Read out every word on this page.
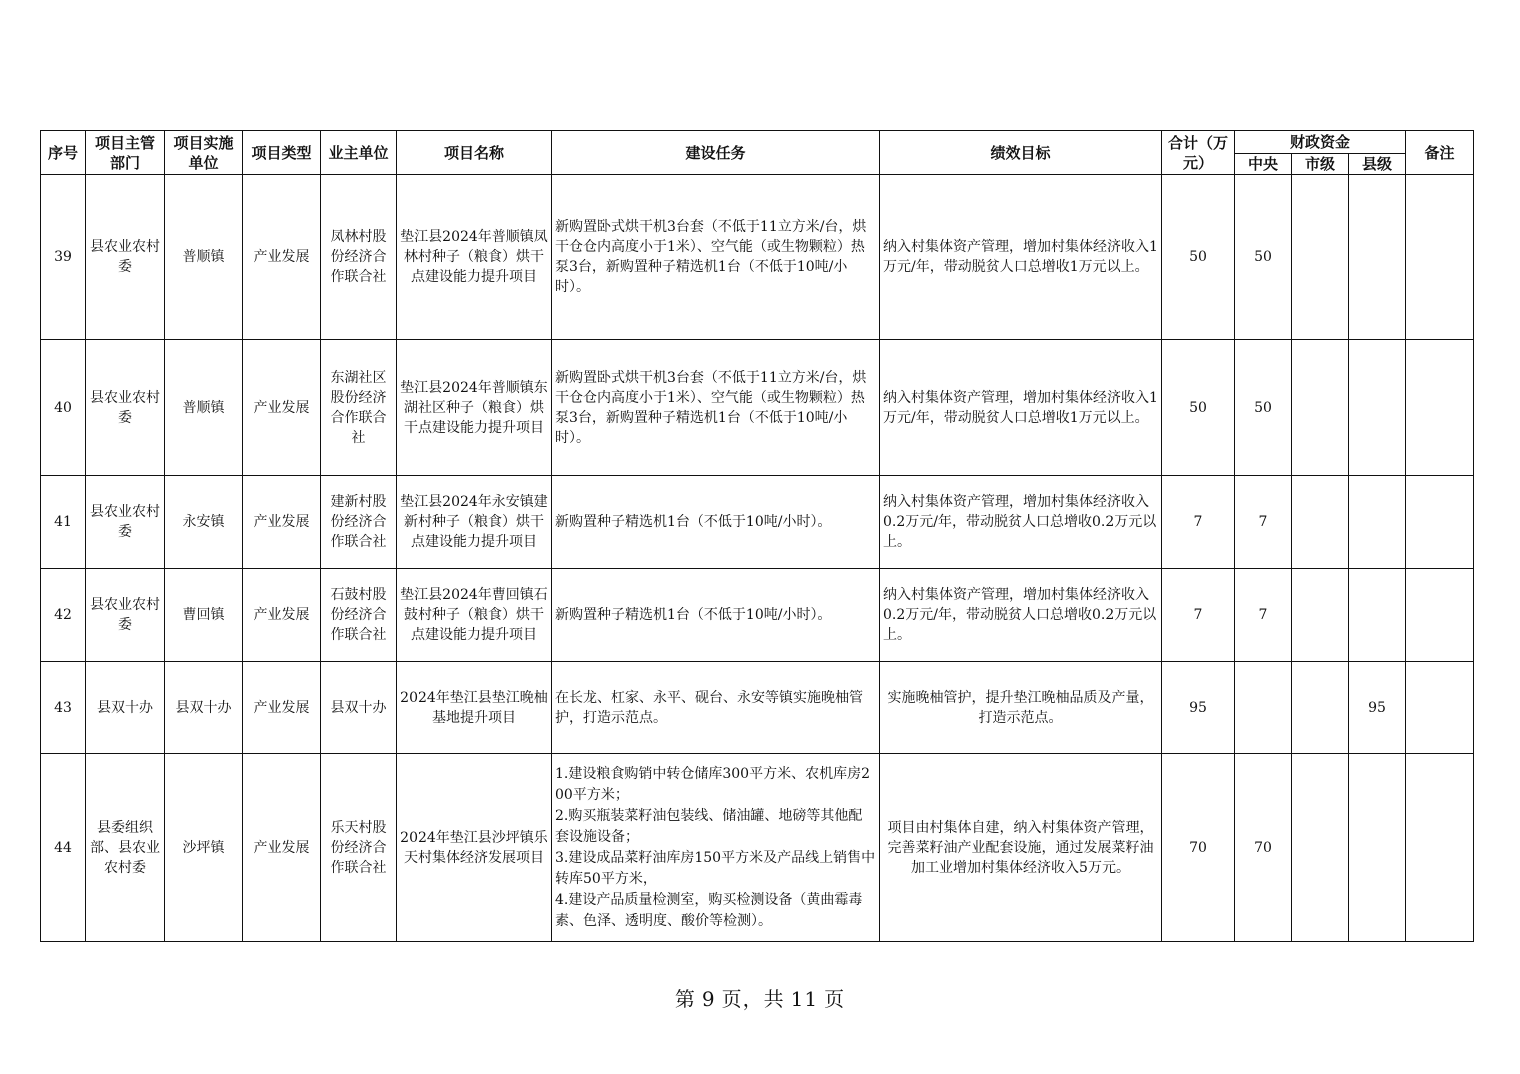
序号	项目主管部门	项目实施单位	项目类型	业主单位	项目名称	建设任务	绩效目标	合计（万元）	财政资金			备注
									中央	市级	县级	
39	县农业农村委	普顺镇	产业发展	凤林村股份经济合作联合社	垫江县2024年普顺镇凤林村种子（粮食）烘干点建设能力提升项目	新购置卧式烘干机3台套（不低于11立方米/台，烘干仓仓内高度小于1米）、空气能（或生物颗粒）热泵3台，新购置种子精选机1台（不低于10吨/小时）。	纳入村集体资产管理，增加村集体经济收入1万元/年，带动脱贫人口总增收1万元以上。	50	50			
40	县农业农村委	普顺镇	产业发展	东湖社区股份经济合作联合社	垫江县2024年普顺镇东湖社区种子（粮食）烘干点建设能力提升项目	新购置卧式烘干机3台套（不低于11立方米/台，烘干仓仓内高度小于1米）、空气能（或生物颗粒）热泵3台，新购置种子精选机1台（不低于10吨/小时）。	纳入村集体资产管理，增加村集体经济收入1万元/年，带动脱贫人口总增收1万元以上。	50	50			
41	县农业农村委	永安镇	产业发展	建新村股份经济合作联合社	垫江县2024年永安镇建新村种子（粮食）烘干点建设能力提升项目	新购置种子精选机1台（不低于10吨/小时）。	纳入村集体资产管理，增加村集体经济收入0.2万元/年，带动脱贫人口总增收0.2万元以上。	7	7			
42	县农业农村委	曹回镇	产业发展	石鼓村股份经济合作联合社	垫江县2024年曹回镇石鼓村种子（粮食）烘干点建设能力提升项目	新购置种子精选机1台（不低于10吨/小时）。	纳入村集体资产管理，增加村集体经济收入0.2万元/年，带动脱贫人口总增收0.2万元以上。	7	7			
43	县双十办	县双十办	产业发展	县双十办	2024年垫江县垫江晚柚基地提升项目	在长龙、杠家、永平、砚台、永安等镇实施晚柚管护，打造示范点。	实施晚柚管护，提升垫江晚柚品质及产量，打造示范点。	95			95	
44	县委组织部、县农业农村委	沙坪镇	产业发展	乐天村股份经济合作联合社	2024年垫江县沙坪镇乐天村集体经济发展项目	1.建设粮食购销中转仓储库300平方米、农机库房200平方米；
2.购买瓶装菜籽油包装线、储油罐、地磅等其他配套设施设备；
3.建设成品菜籽油库房150平方米及产品线上销售中转库50平方米，
4.建设产品质量检测室，购买检测设备（黄曲霉毒素、色泽、透明度、酸价等检测）。	项目由村集体自建，纳入村集体资产管理，完善菜籽油产业配套设施，通过发展菜籽油加工业增加村集体经济收入5万元。	70	70			
第 9 页，共 11 页
